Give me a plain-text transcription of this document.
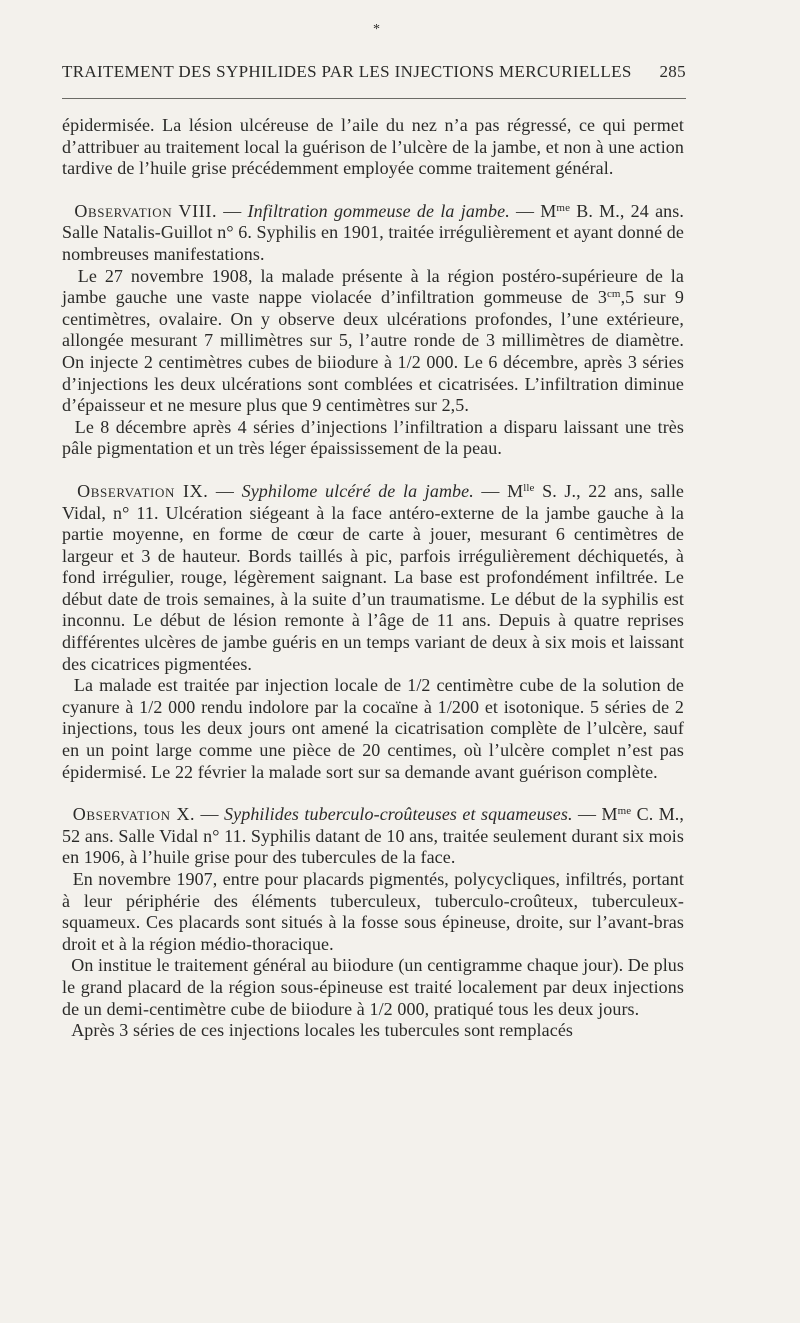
*
TRAITEMENT DES SYPHILIDES PAR LES INJECTIONS MERCURIELLES 285

épidermisée. La lésion ulcéreuse de l’aile du nez n’a pas régressé, ce qui permet d’attribuer au traitement local la guérison de l’ulcère de la jambe, et non à une action tardive de l’huile grise précédemment employée comme traitement général.

Observation VIII. — Infiltration gommeuse de la jambe. — $M^{me}$ B. M., 24 ans. Salle Natalis-Guillot n° 6. Syphilis en 1901, traitée irrégulièrement et ayant donné de nombreuses manifestations.

Le 27 novembre 1908, la malade présente à la région postéro-supérieure de la jambe gauche une vaste nappe violacée d’infiltration gommeuse de $3^{cm},5$ sur 9 centimètres, ovalaire. On y observe deux ulcérations profondes, l’une extérieure, allongée mesurant 7 millimètres sur 5, l’autre ronde de 3 millimètres de diamètre. On injecte 2 centimètres cubes de biiodure à 1/2 000. Le 6 décembre, après 3 séries d’injections les deux ulcérations sont comblées et cicatrisées. L’infiltration diminue d’épaisseur et ne mesure plus que 9 centimètres sur 2,5.

Le 8 décembre après 4 séries d’injections l’infiltration a disparu laissant une très pâle pigmentation et un très léger épaississement de la peau.

Observation IX. — Syphilome ulcéré de la jambe. — $M^{lle}$ S. J., 22 ans, salle Vidal, n° 11. Ulcération siégeant à la face antéro-externe de la jambe gauche à la partie moyenne, en forme de cœur de carte à jouer, mesurant 6 centimètres de largeur et 3 de hauteur. Bords taillés à pic, parfois irrégulièrement déchiquetés, à fond irrégulier, rouge, légèrement saignant. La base est profondément infiltrée. Le début date de trois semaines, à la suite d’un traumatisme. Le début de la syphilis est inconnu. Le début de lésion remonte à l’âge de 11 ans. Depuis à quatre reprises différentes ulcères de jambe guéris en un temps variant de deux à six mois et laissant des cicatrices pigmentées.

La malade est traitée par injection locale de 1/2 centimètre cube de la solution de cyanure à 1/2 000 rendu indolore par la cocaïne à 1/200 et isotonique. 5 séries de 2 injections, tous les deux jours ont amené la cicatrisation complète de l’ulcère, sauf en un point large comme une pièce de 20 centimes, où l’ulcère complet n’est pas épidermisé. Le 22 février la malade sort sur sa demande avant guérison complète.

Observation X. — Syphilides tuberculo-croûteuses et squameuses. — $M^{me}$ C. M., 52 ans. Salle Vidal n° 11. Syphilis datant de 10 ans, traitée seulement durant six mois en 1906, à l’huile grise pour des tubercules de la face.

En novembre 1907, entre pour placards pigmentés, polycycliques, infiltrés, portant à leur périphérie des éléments tuberculeux, tuberculo-croûteux, tuberculeux-squameux. Ces placards sont situés à la fosse sous épineuse, droite, sur l’avant-bras droit et à la région médio-thoracique.

On institue le traitement général au biiodure (un centigramme chaque jour). De plus le grand placard de la région sous-épineuse est traité localement par deux injections de un demi-centimètre cube de biiodure à 1/2 000, pratiqué tous les deux jours.

Après 3 séries de ces injections locales les tubercules sont remplacés
